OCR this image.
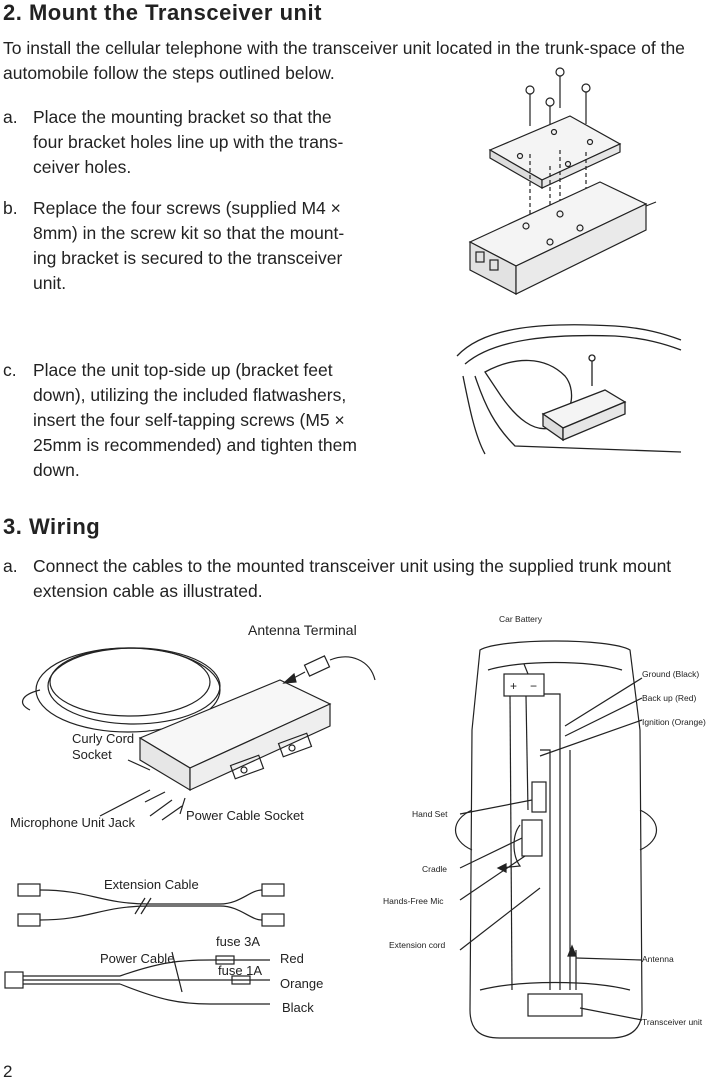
2. Mount the Transceiver unit
To install the cellular telephone with the transceiver unit located in the trunk-space of the
automobile follow the steps outlined below.
a. Place the mounting bracket so that the
four bracket holes line up with the trans-
ceiver holes.
b. Replace the four screws (supplied M4 ×
8mm) in the screw kit so that the mount-
ing bracket is secured to the transceiver
unit.
c. Place the unit top-side up (bracket feet
down), utilizing the included flatwashers,
insert the four self-tapping screws (M5 ×
25mm is recommended) and tighten them
down.
3. Wiring
a. Connect the cables to the mounted transceiver unit using the supplied trunk mount
extension cable as illustrated.
Antenna Terminal
Curly Cord
Socket
Microphone Unit Jack	Power Cable Socket
Extension Cable
Power Cable
fuse 3A
fuse 1A
Red
Orange
Black
+ −
Car Battery
Ground (Black)
Back up (Red)
Ignition (Orange)
Hand Set
Cradle
Hands-Free Mic
Extension cord
Antenna
Transceiver unit
2
